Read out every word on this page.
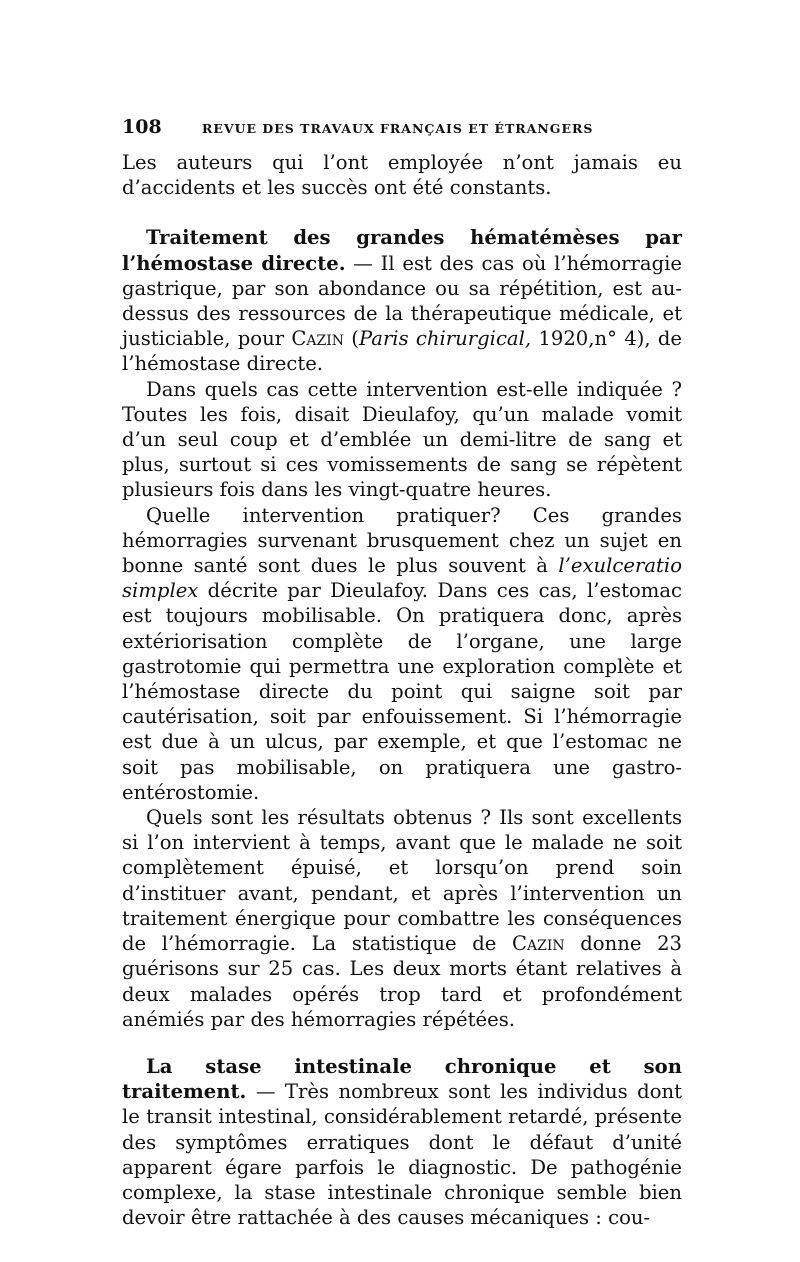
108	REVUE DES TRAVAUX FRANÇAIS ET ÉTRANGERS

Les auteurs qui l’ont employée n’ont jamais eu d’accidents et les succès ont été constants.

Traitement des grandes hématémèses par l’hémostase directe. — Il est des cas où l’hémorragie gastrique, par son abondance ou sa répétition, est au-dessus des ressources de la thérapeutique médicale, et justiciable, pour Cazin (Paris chirurgical, 1920,n° 4), de l’hémostase directe.

Dans quels cas cette intervention est-elle indiquée ? Toutes les fois, disait Dieulafoy, qu’un malade vomit d’un seul coup et d’emblée un demi-litre de sang et plus, surtout si ces vomissements de sang se répètent plusieurs fois dans les vingt-quatre heures.

Quelle intervention pratiquer? Ces grandes hémorragies survenant brusquement chez un sujet en bonne santé sont dues le plus souvent à l’exulceratio simplex décrite par Dieulafoy. Dans ces cas, l’estomac est toujours mobilisable. On pratiquera donc, après extériorisation complète de l’organe, une large gastrotomie qui permettra une exploration complète et l’hémostase directe du point qui saigne soit par cautérisation, soit par enfouissement. Si l’hémorragie est due à un ulcus, par exemple, et que l’estomac ne soit pas mobilisable, on pratiquera une gastro-entérostomie.

Quels sont les résultats obtenus ? Ils sont excellents si l’on intervient à temps, avant que le malade ne soit complètement épuisé, et lorsqu’on prend soin d’instituer avant, pendant, et après l’intervention un traitement énergique pour combattre les conséquences de l’hémorragie. La statistique de Cazin donne 23 guérisons sur 25 cas. Les deux morts étant relatives à deux malades opérés trop tard et profondément anémiés par des hémorragies répétées.

La stase intestinale chronique et son traitement. — Très nombreux sont les individus dont le transit intestinal, considérablement retardé, présente des symptômes erratiques dont le défaut d’unité apparent égare parfois le diagnostic. De pathogénie complexe, la stase intestinale chronique semble bien devoir être rattachée à des causes mécaniques : cou-
